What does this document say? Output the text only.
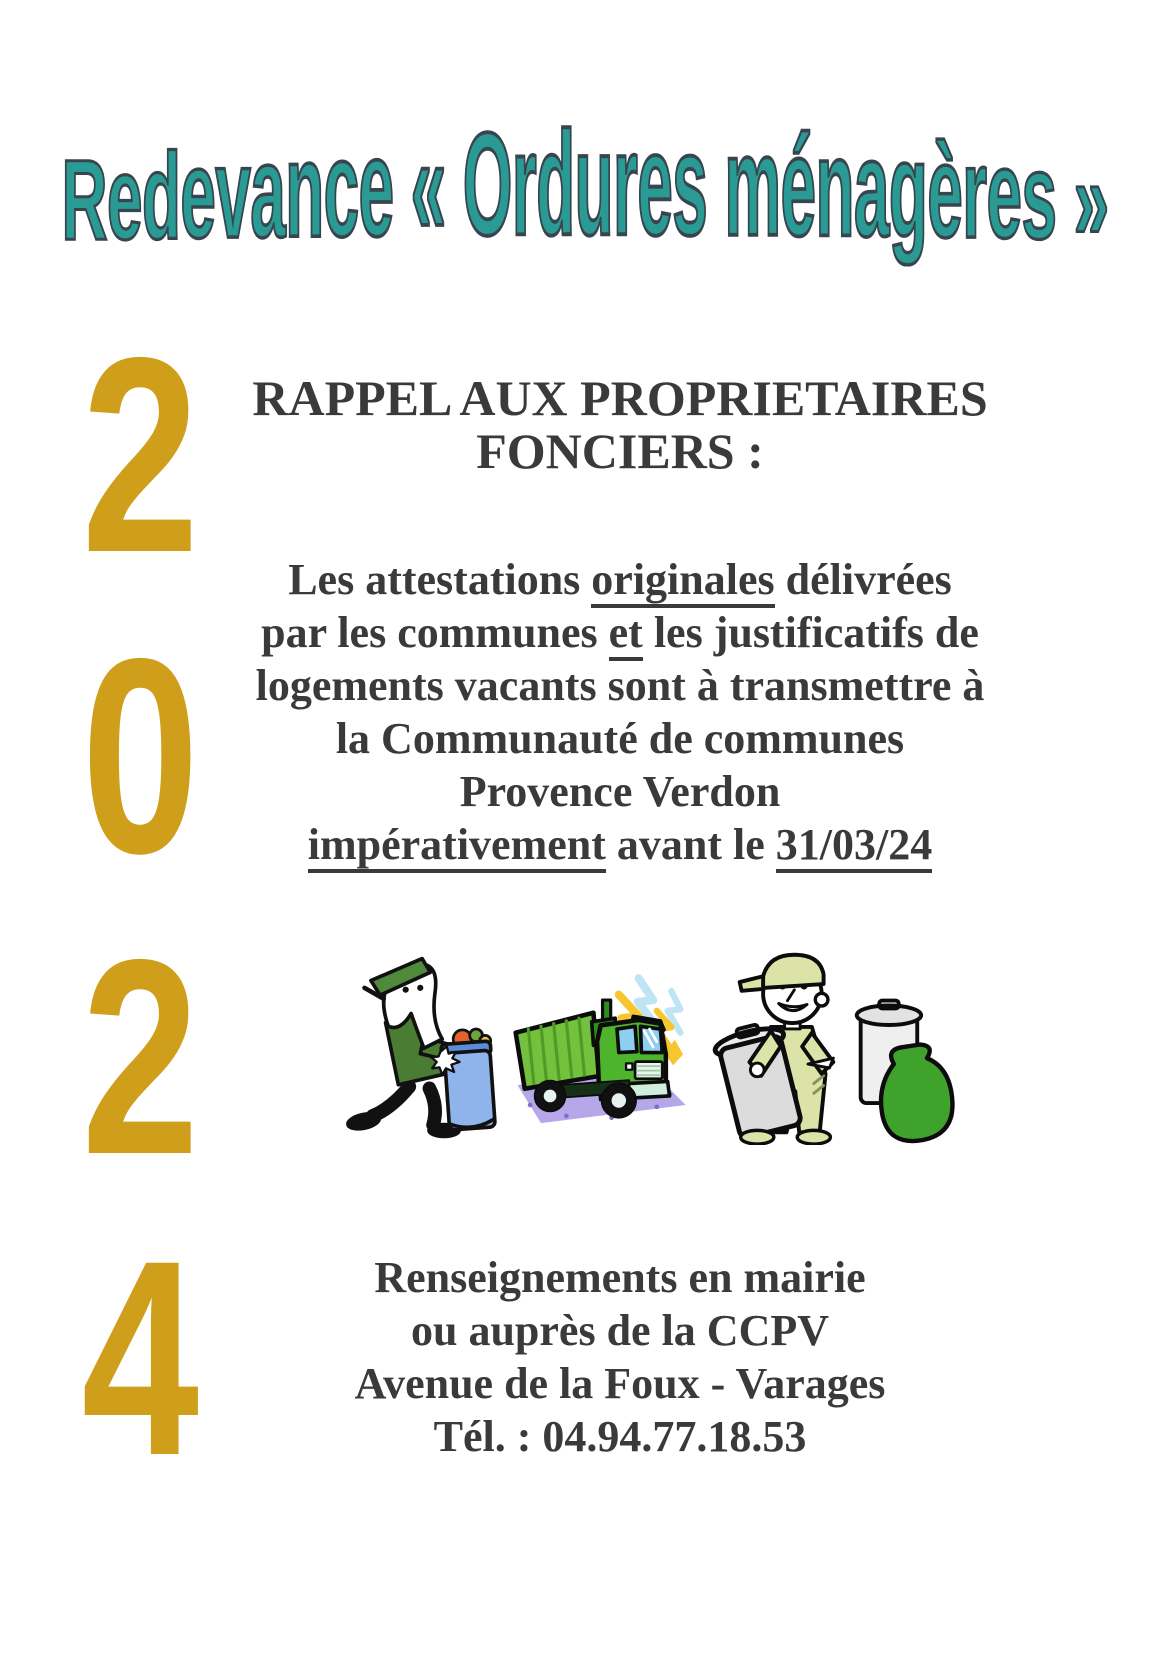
R e d e v a n c e
«
O r d u r e s
m é n a g è r e s
»
2
0
2
4
RAPPEL AUX PROPRIETAIRES
FONCIERS :
Les attestations originales délivrées
par les communes et les justificatifs de
logements vacants sont à transmettre à
la Communauté de communes
Provence Verdon
impérativement avant le 31/03/24
Renseignements en mairie
ou auprès de la CCPV
Avenue de la Foux - Varages
Tél. : 04.94.77.18.53
